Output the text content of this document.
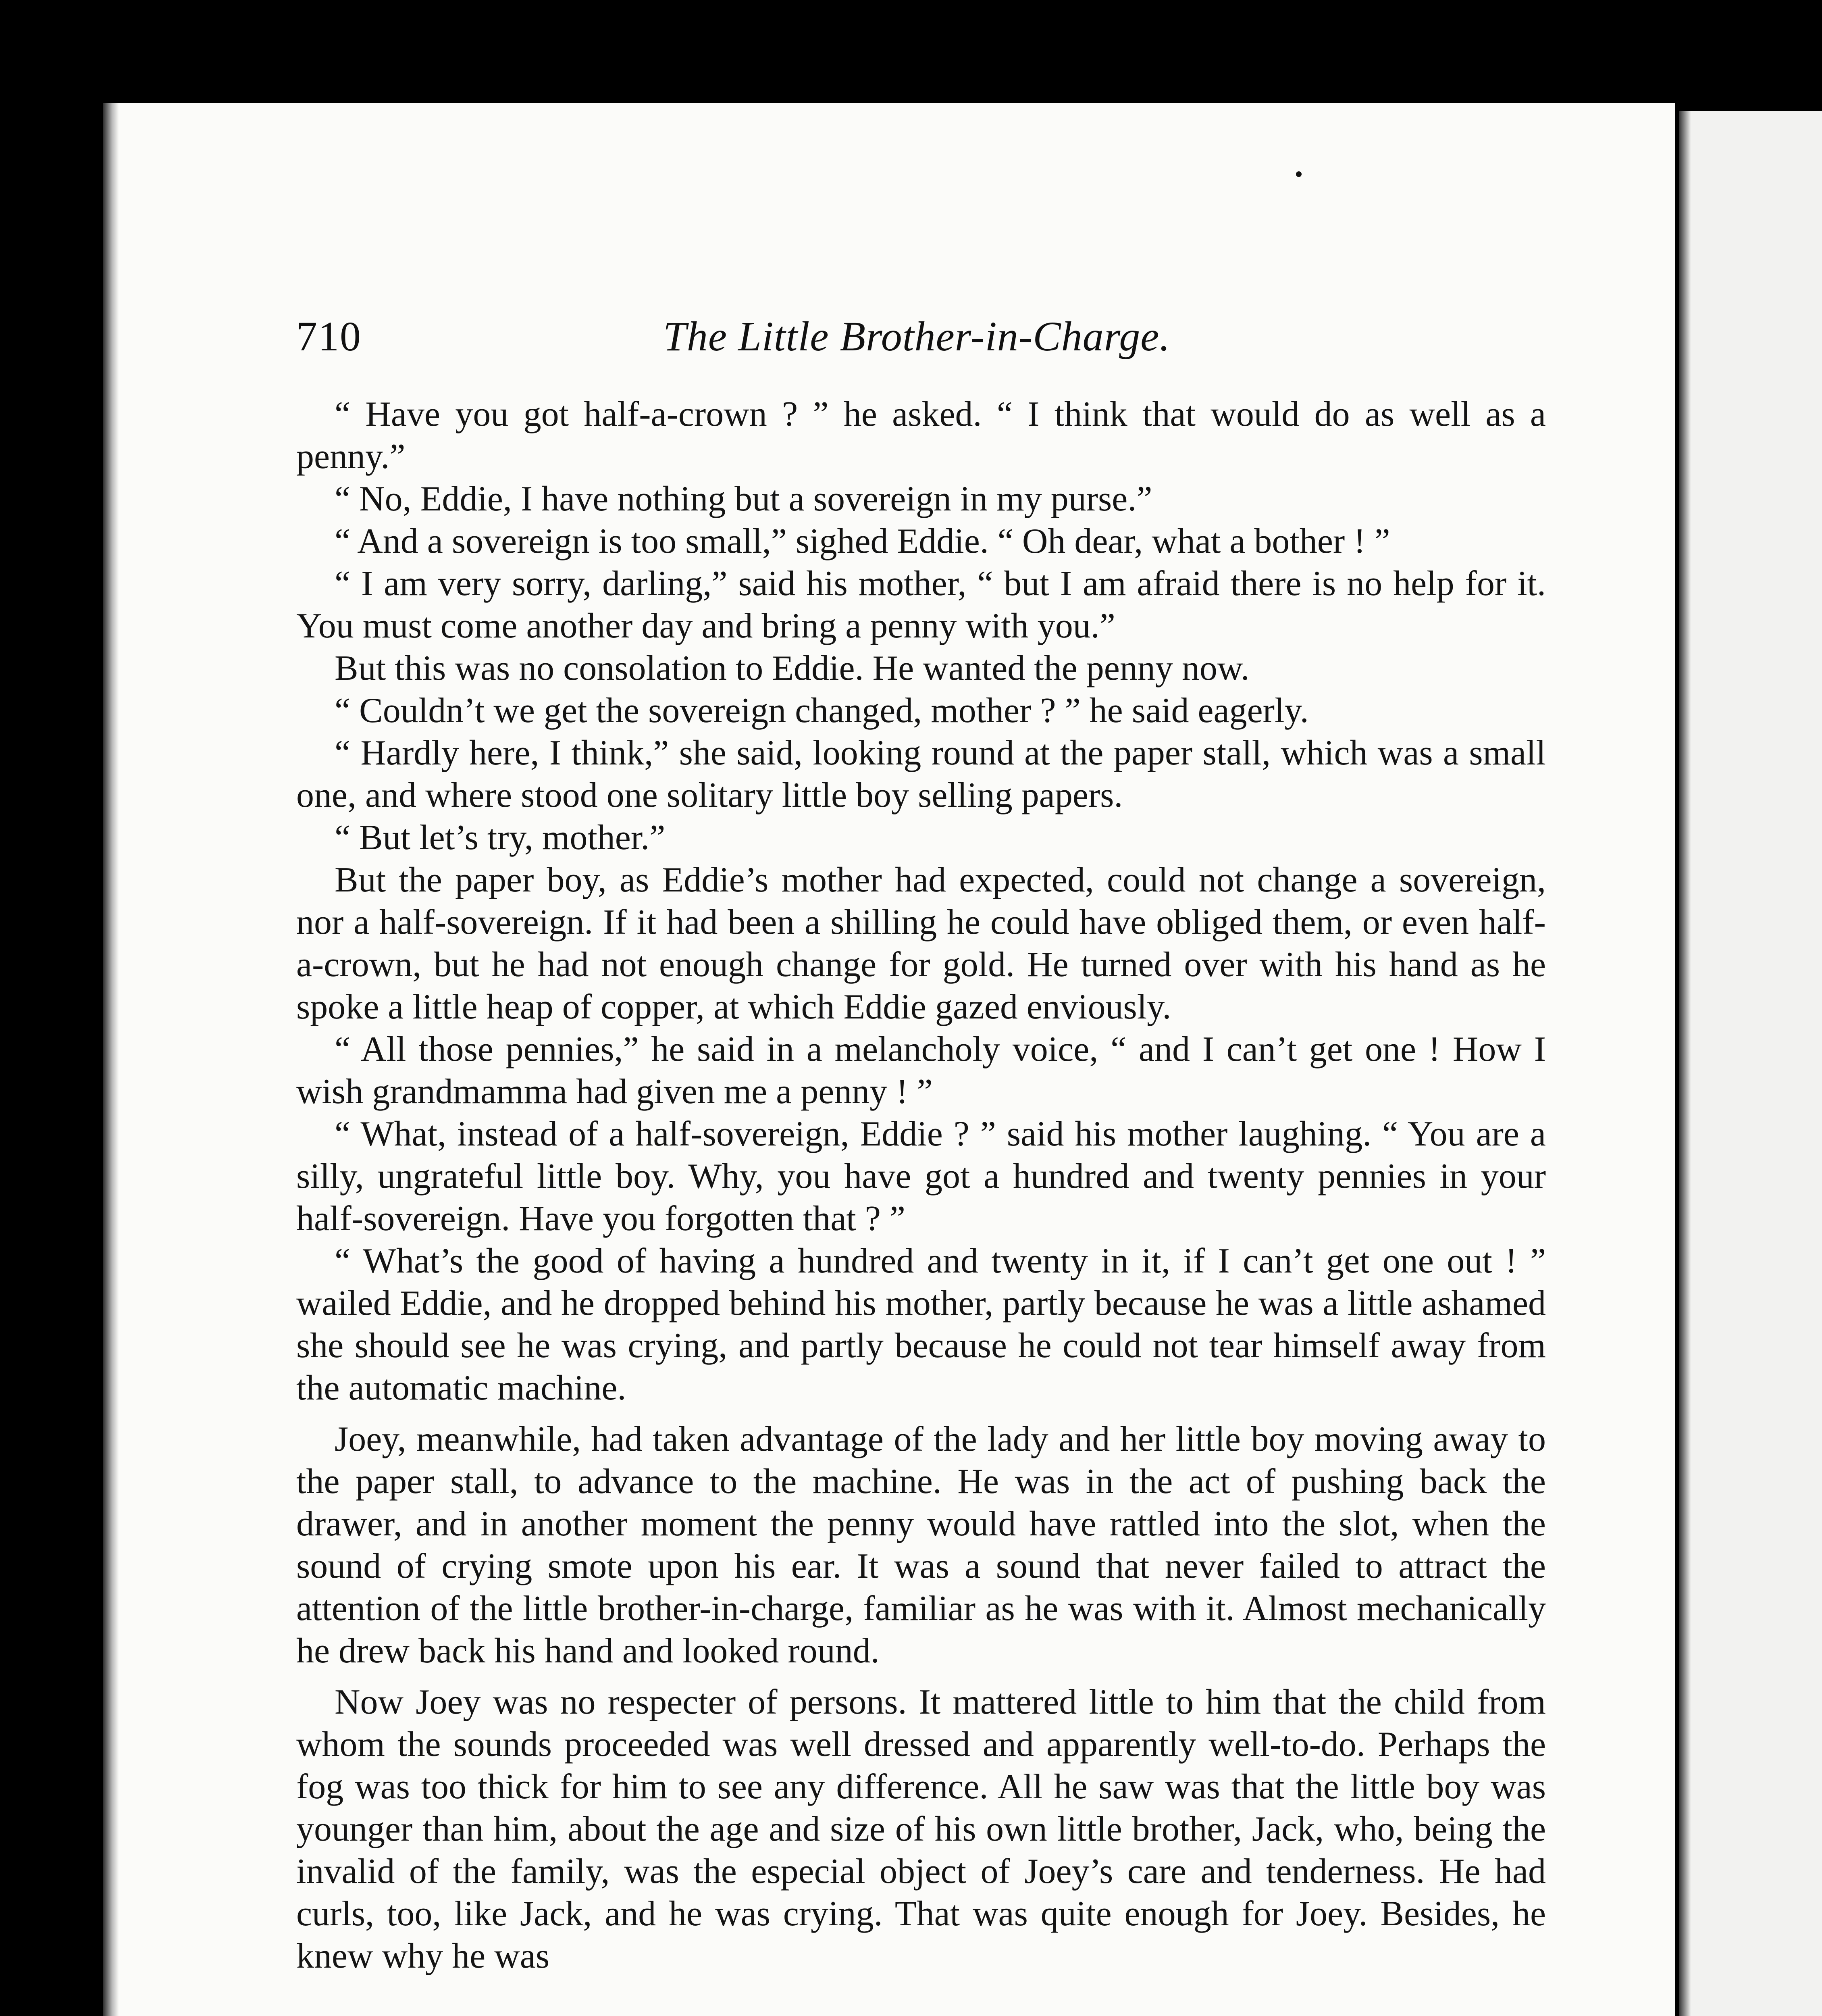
710	The Little Brother-in-Charge.

“ Have you got half-a-crown ? ” he asked. “ I think that would do as well as a penny.”

“ No, Eddie, I have nothing but a sovereign in my purse.”

“ And a sovereign is too small,” sighed Eddie. “ Oh dear, what a bother ! ”

“ I am very sorry, darling,” said his mother, “ but I am afraid there is no help for it. You must come another day and bring a penny with you.”

But this was no consolation to Eddie. He wanted the penny now.

“ Couldn’t we get the sovereign changed, mother ? ” he said eagerly.

“ Hardly here, I think,” she said, looking round at the paper stall, which was a small one, and where stood one solitary little boy selling papers.

“ But let’s try, mother.”

But the paper boy, as Eddie’s mother had expected, could not change a sovereign, nor a half-sovereign. If it had been a shilling he could have obliged them, or even half-a-crown, but he had not enough change for gold. He turned over with his hand as he spoke a little heap of copper, at which Eddie gazed enviously.

“ All those pennies,” he said in a melancholy voice, “ and I can’t get one ! How I wish grandmamma had given me a penny ! ”

“ What, instead of a half-sovereign, Eddie ? ” said his mother laughing. “ You are a silly, ungrateful little boy. Why, you have got a hundred and twenty pennies in your half-sovereign. Have you forgotten that ? ”

“ What’s the good of having a hundred and twenty in it, if I can’t get one out ! ” wailed Eddie, and he dropped behind his mother, partly because he was a little ashamed she should see he was crying, and partly because he could not tear himself away from the automatic machine.

Joey, meanwhile, had taken advantage of the lady and her little boy moving away to the paper stall, to advance to the machine. He was in the act of pushing back the drawer, and in another moment the penny would have rattled into the slot, when the sound of crying smote upon his ear. It was a sound that never failed to attract the attention of the little brother-in-charge, familiar as he was with it. Almost mechanically he drew back his hand and looked round.

Now Joey was no respecter of persons. It mattered little to him that the child from whom the sounds proceeded was well dressed and apparently well-to-do. Perhaps the fog was too thick for him to see any difference. All he saw was that the little boy was younger than him, about the age and size of his own little brother, Jack, who, being the invalid of the family, was the especial object of Joey’s care and tenderness. He had curls, too, like Jack, and he was crying. That was quite enough for Joey. Besides, he knew why he was
